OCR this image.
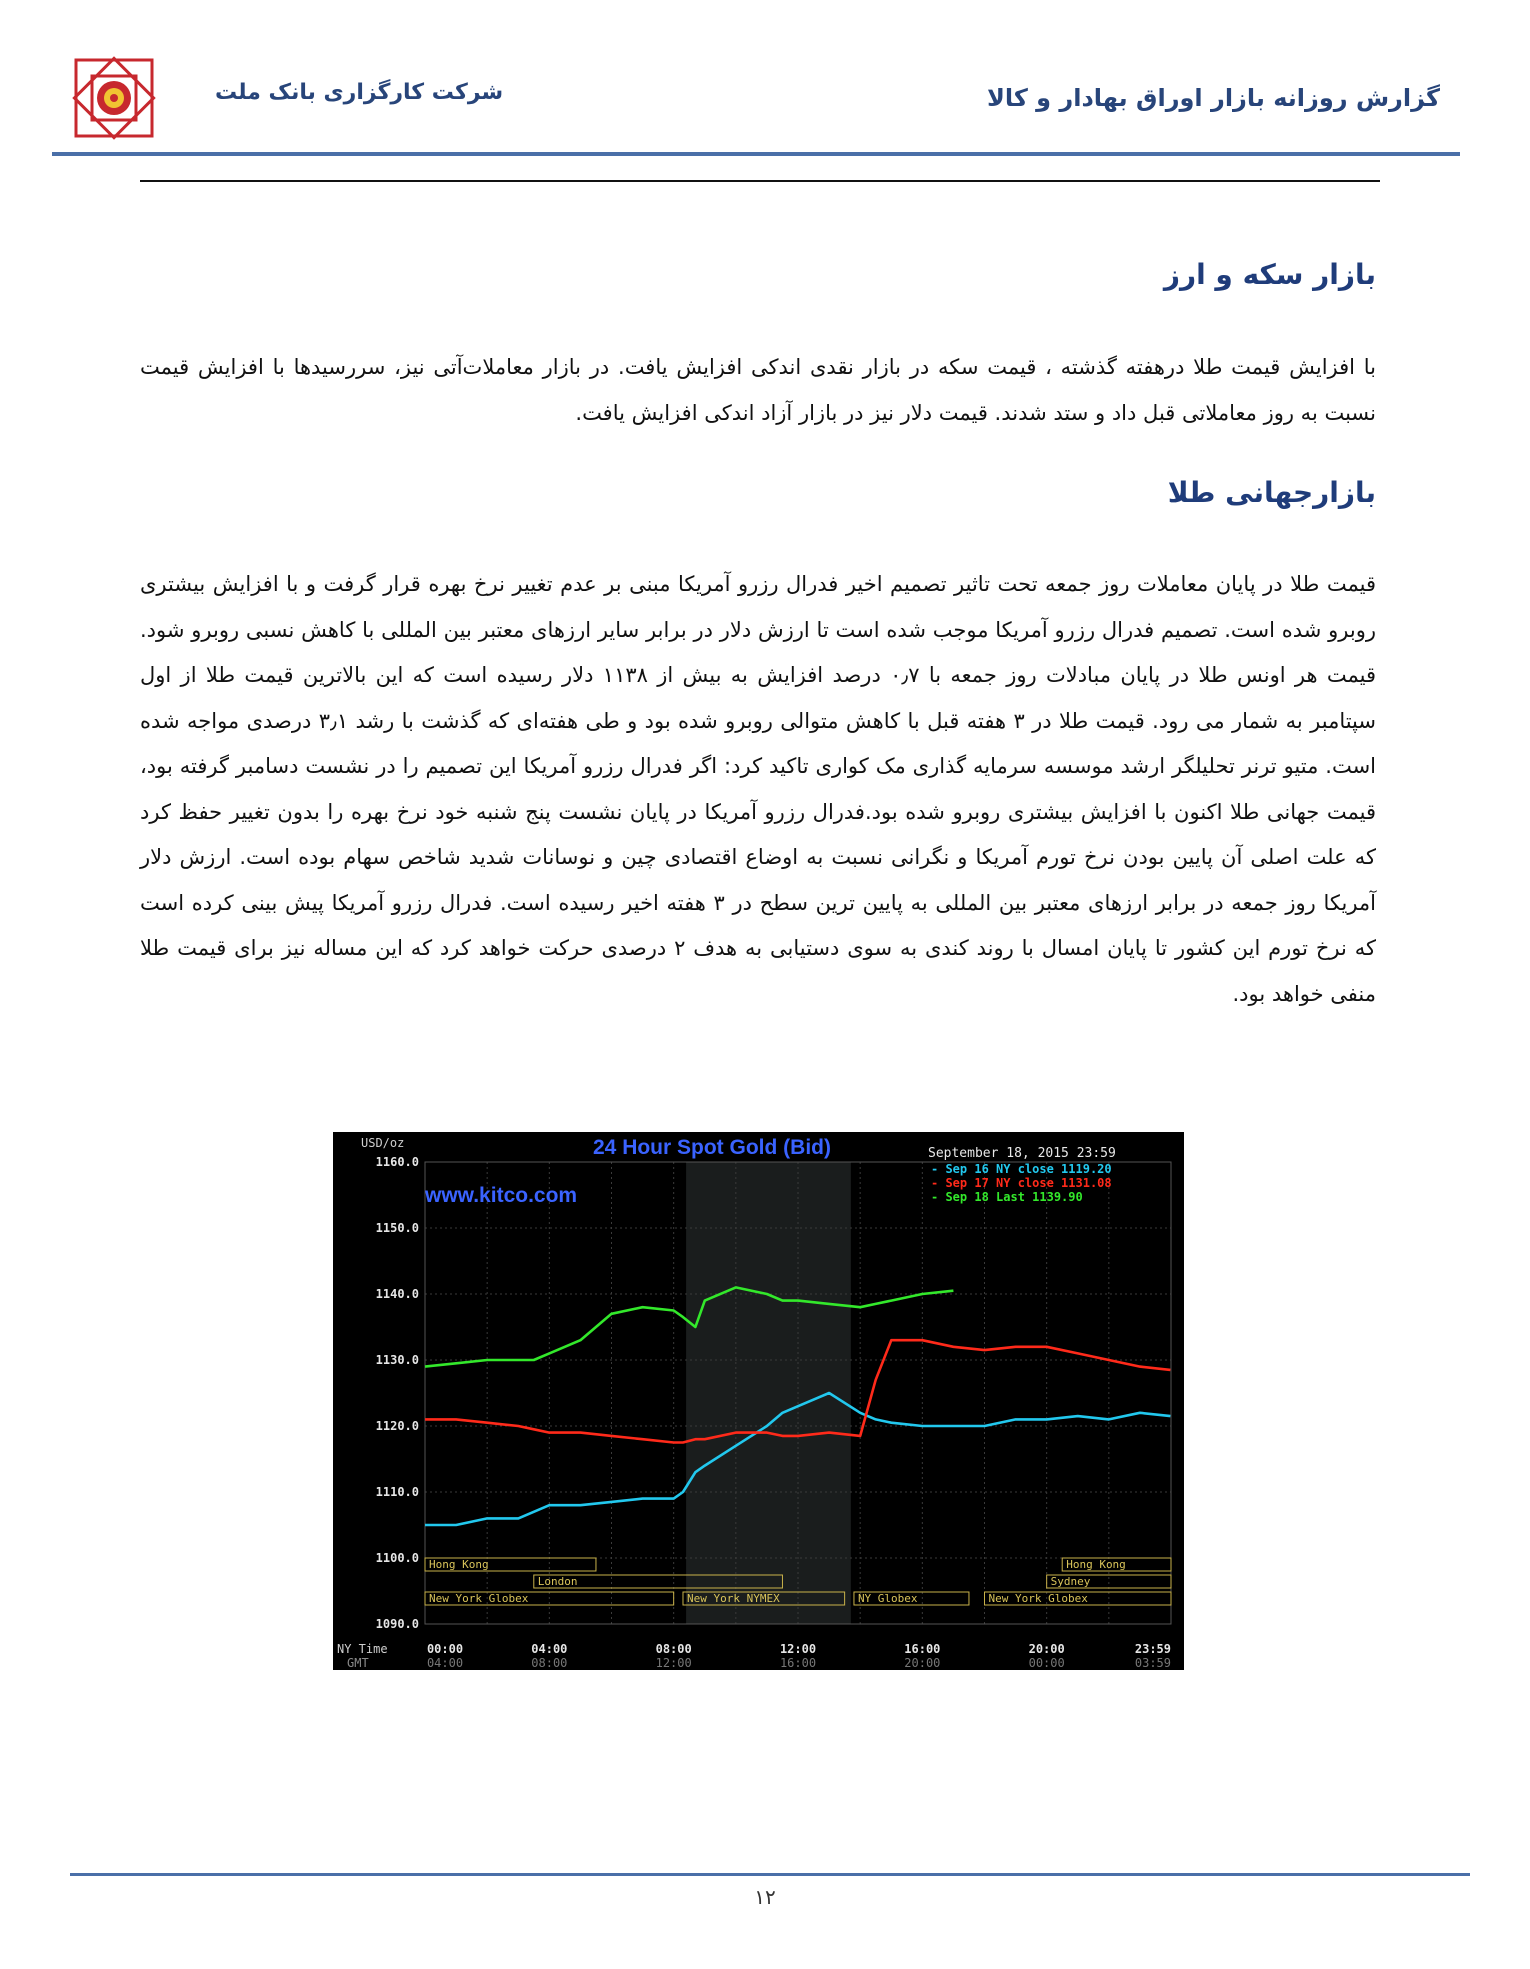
شرکت کارگزاری بانک ملت	گزارش روزانه بازار اوراق بهادار و کالا
بازار سکه و ارز
با افزایش قیمت طلا درهفته گذشته ، قیمت سکه در بازار نقدی اندکی افزایش یافت. در بازار معاملات‌آتی نیز، سررسیدها با افزایش قیمت نسبت به روز معاملاتی قبل داد و ستد شدند. قیمت دلار نیز در بازار آزاد اندکی افزایش یافت.
بازارجهانی طلا
قیمت طلا در پایان معاملات روز جمعه تحت تاثیر تصمیم اخیر فدرال رزرو آمریکا مبنی بر عدم تغییر نرخ بهره قرار گرفت و با افزایش بیشتری روبرو شده است. تصمیم فدرال رزرو آمریکا موجب شده است تا ارزش دلار در برابر سایر ارزهای معتبر بین المللی با کاهش نسبی روبرو شود. قیمت هر اونس طلا در پایان مبادلات روز جمعه با ۰٫۷ درصد افزایش به بیش از ۱۱۳۸ دلار رسیده است که این بالاترین قیمت طلا از اول سپتامبر به شمار می رود. قیمت طلا در ۳ هفته قبل با کاهش متوالی روبرو شده بود و طی هفته‌ای که گذشت با رشد ۳٫۱ درصدی مواجه شده است. متیو ترنر تحلیلگر ارشد موسسه سرمایه گذاری مک کواری تاکید کرد: اگر فدرال رزرو آمریکا این تصمیم را در نشست دسامبر گرفته بود، قیمت جهانی طلا اکنون با افزایش بیشتری روبرو شده بود.فدرال رزرو آمریکا در پایان نشست پنج شنبه خود نرخ بهره را بدون تغییر حفظ کرد که علت اصلی آن پایین بودن نرخ تورم آمریکا و نگرانی نسبت به اوضاع اقتصادی چین و نوسانات شدید شاخص سهام بوده است. ارزش دلار آمریکا روز جمعه در برابر ارزهای معتبر بین المللی به پایین ترین سطح در ۳ هفته اخیر رسیده است. فدرال رزرو آمریکا پیش بینی کرده است که نرخ تورم این کشور تا پایان امسال با روند کندی به سوی دستیابی به هدف ۲ درصدی حرکت خواهد کرد که این مساله نیز برای قیمت طلا منفی خواهد بود.
Hong Kong	Hong Kong
London	Sydney
New York Globex	New York NYMEX	NY Globex	New York Globex
USD/oz	24 Hour Spot Gold (Bid)
www.kitco.com
September 18, 2015 23:59
- Sep 16 NY close 1119.20
- Sep 17 NY close 1131.08
- Sep 18 Last 1139.90
1160.0
1150.0
1140.0
1130.0
1120.0
1110.0
1100.0
1090.0
00:00
04:00
04:00
08:00
08:00
12:00
12:00
16:00
16:00
20:00
20:00
00:00
23:59
03:59
NY Time
GMT
۱۲
